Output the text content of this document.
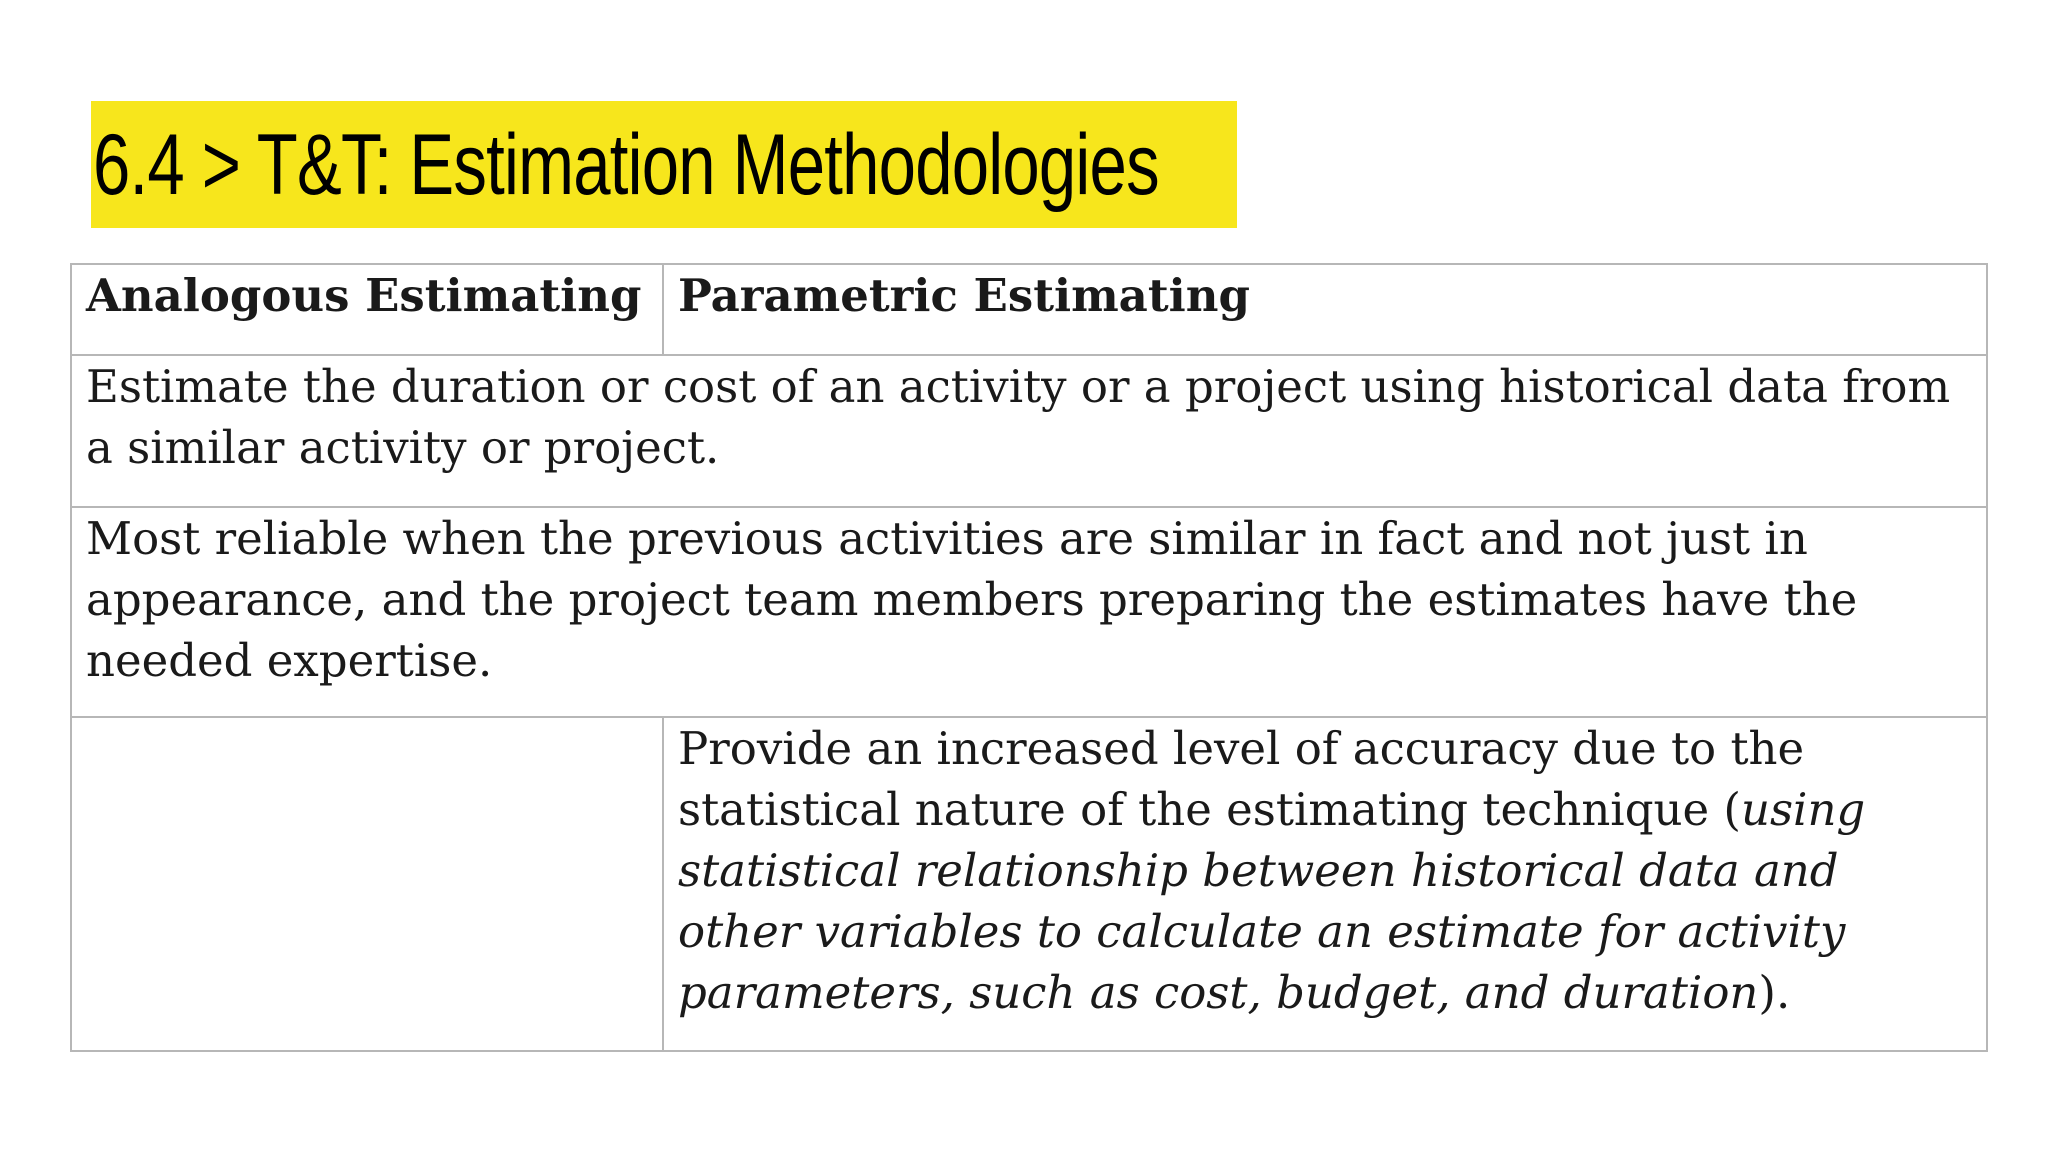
6.4 > T&T: Estimation Methodologies
Analogous Estimating	Parametric Estimating
Estimate the duration or cost of an activity or a project using historical data from a similar activity or project.	
Most reliable when the previous activities are similar in fact and not just in appearance, and the project team members preparing the estimates have the needed expertise.	
	Provide an increased level of accuracy due to the statistical nature of the estimating technique (using statistical relationship between historical data and other variables to calculate an estimate for activity parameters, such as cost, budget, and duration).
